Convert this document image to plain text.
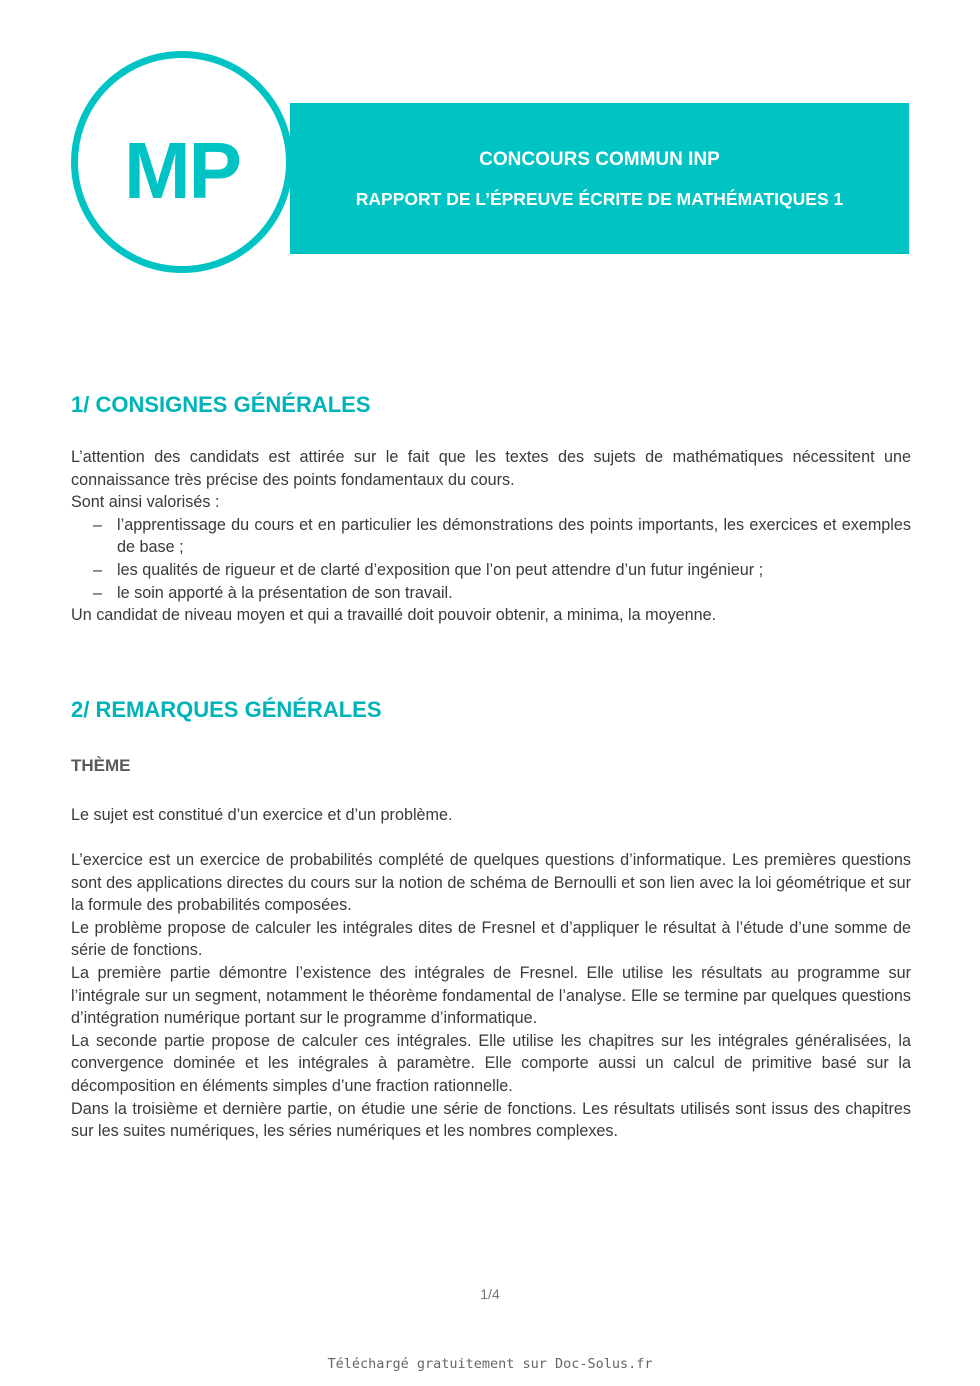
CONCOURS COMMUN INP
RAPPORT DE L’ÉPREUVE ÉCRITE DE MATHÉMATIQUES 1
MP
1/ CONSIGNES GÉNÉRALES

L’attention des candidats est attirée sur le fait que les textes des sujets de mathématiques nécessitent une connaissance très précise des points fondamentaux du cours.

Sont ainsi valorisés :

– l’apprentissage du cours et en particulier les démonstrations des points importants, les exercices et exemples de base ;
– les qualités de rigueur et de clarté d’exposition que l’on peut attendre d’un futur ingénieur ;
– le soin apporté à la présentation de son travail.

Un candidat de niveau moyen et qui a travaillé doit pouvoir obtenir, a minima, la moyenne.

2/ REMARQUES GÉNÉRALES
THÈME

Le sujet est constitué d’un exercice et d’un problème.

L’exercice est un exercice de probabilités complété de quelques questions d’informatique. Les premières questions sont des applications directes du cours sur la notion de schéma de Bernoulli et son lien avec la loi géométrique et sur la formule des probabilités composées.

Le problème propose de calculer les intégrales dites de Fresnel et d’appliquer le résultat à l’étude d’une somme de série de fonctions.

La première partie démontre l’existence des intégrales de Fresnel. Elle utilise les résultats au programme sur l’intégrale sur un segment, notamment le théorème fondamental de l’analyse. Elle se termine par quelques questions d’intégration numérique portant sur le programme d’informatique.

La seconde partie propose de calculer ces intégrales. Elle utilise les chapitres sur les intégrales généralisées, la convergence dominée et les intégrales à paramètre. Elle comporte aussi un calcul de primitive basé sur la décomposition en éléments simples d’une fraction rationnelle.

Dans la troisième et dernière partie, on étudie une série de fonctions. Les résultats utilisés sont issus des chapitres sur les suites numériques, les séries numériques et les nombres complexes.

1/4
Téléchargé gratuitement sur Doc-Solus.fr
